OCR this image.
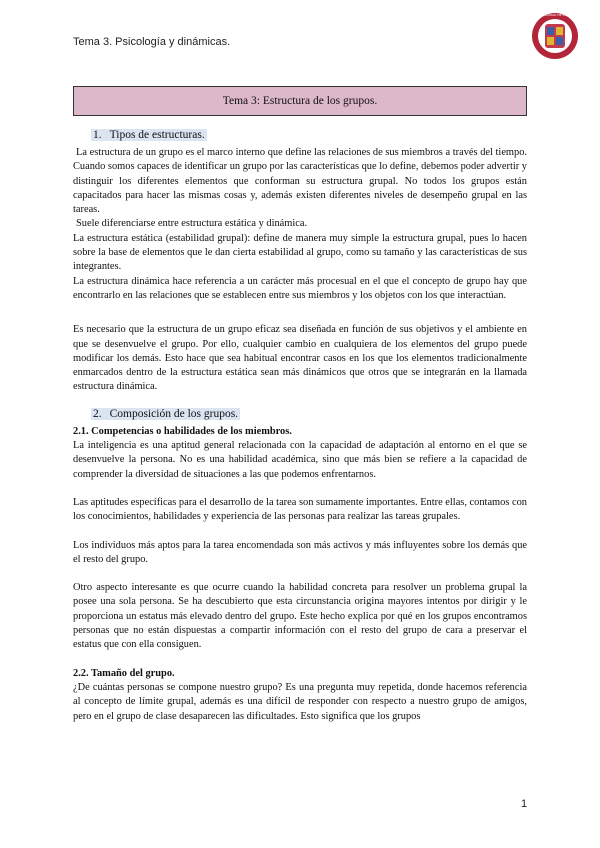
Tema 3. Psicología y dinámicas.
VNIVERSIDAD DE MURCIA
Tema 3: Estructura de los grupos.
1. Tipos de estructuras.

La estructura de un grupo es el marco interno que define las relaciones de sus miembros a través del tiempo. Cuando somos capaces de identificar un grupo por las características que lo define, debemos poder advertir y distinguir los diferentes elementos que conforman su estructura grupal. No todos los grupos están capacitados para hacer las mismas cosas y, además existen diferentes niveles de desempeño grupal en las tareas.

Suele diferenciarse entre estructura estática y dinámica.

La estructura estática (estabilidad grupal): define de manera muy simple la estructura grupal, pues lo hacen sobre la base de elementos que le dan cierta estabilidad al grupo, como su tamaño y las características de sus integrantes.

La estructura dinámica hace referencia a un carácter más procesual en el que el concepto de grupo hay que encontrarlo en las relaciones que se establecen entre sus miembros y los objetos con los que interactúan.

Es necesario que la estructura de un grupo eficaz sea diseñada en función de sus objetivos y el ambiente en que se desenvuelve el grupo. Por ello, cualquier cambio en cualquiera de los elementos del grupo puede modificar los demás. Esto hace que sea habitual encontrar casos en los que los elementos tradicionalmente enmarcados dentro de la estructura estática sean más dinámicos que otros que se integrarán en la llamada estructura dinámica.

2. Composición de los grupos.

2.1. Competencias o habilidades de los miembros.

La inteligencia es una aptitud general relacionada con la capacidad de adaptación al entorno en el que se desenvuelve la persona. No es una habilidad académica, sino que más bien se refiere a la capacidad de comprender la diversidad de situaciones a las que podemos enfrentarnos.

Las aptitudes específicas para el desarrollo de la tarea son sumamente importantes. Entre ellas, contamos con los conocimientos, habilidades y experiencia de las personas para realizar las tareas grupales.

Los individuos más aptos para la tarea encomendada son más activos y más influyentes sobre los demás que el resto del grupo.

Otro aspecto interesante es que ocurre cuando la habilidad concreta para resolver un problema grupal la posee una sola persona. Se ha descubierto que esta circunstancia origina mayores intentos por dirigir y le proporciona un estatus más elevado dentro del grupo. Este hecho explica por qué en los grupos encontramos personas que no están dispuestas a compartir información con el resto del grupo de cara a preservar el estatus que con ella consiguen.

2.2. Tamaño del grupo.

¿De cuántas personas se compone nuestro grupo? Es una pregunta muy repetida, donde hacemos referencia al concepto de límite grupal, además es una difícil de responder con respecto a nuestro grupo de amigos, pero en el grupo de clase desaparecen las dificultades. Esto significa que los grupos

1
